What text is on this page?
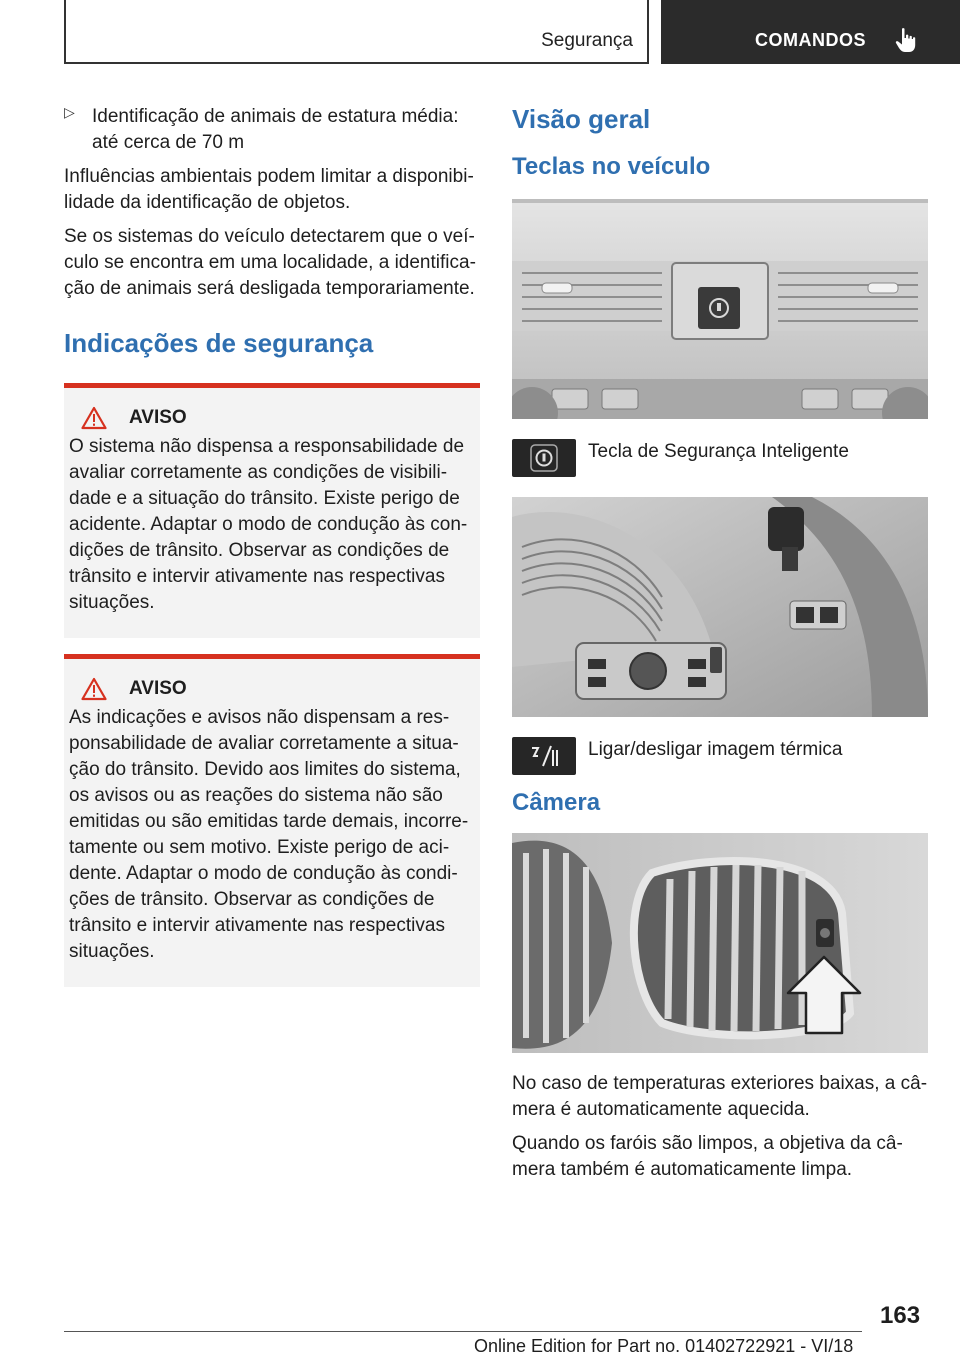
Segurança	COMANDOS
▷ Identificação de animais de estatura média: até cerca de 70 m

Influências ambientais podem limitar a disponibilidade da identificação de objetos.

Se os sistemas do veículo detectarem que o veículo se encontra em uma localidade, a identificação de animais será desligada temporariamente.

Indicações de segurança
AVISO

O sistema não dispensa a responsabilidade de avaliar corretamente as condições de visibilidade e a situação do trânsito. Existe perigo de acidente. Adaptar o modo de condução às condições de trânsito. Observar as condições de trânsito e intervir ativamente nas respectivas situações.

AVISO

As indicações e avisos não dispensam a responsabilidade de avaliar corretamente a situação do trânsito. Devido aos limites do sistema, os avisos ou as reações do sistema não são emitidas ou são emitidas tarde demais, incorretamente ou sem motivo. Existe perigo de acidente. Adaptar o modo de condução às condições de trânsito. Observar as condições de trânsito e intervir ativamente nas respectivas situações.

Visão geral
Teclas no veículo
Tecla de Segurança Inteligente
Ligar/desligar imagem térmica
Câmera

No caso de temperaturas exteriores baixas, a câmera é automaticamente aquecida.

Quando os faróis são limpos, a objetiva da câmera também é automaticamente limpa.

163
Online Edition for Part no. 01402722921 - VI/18
